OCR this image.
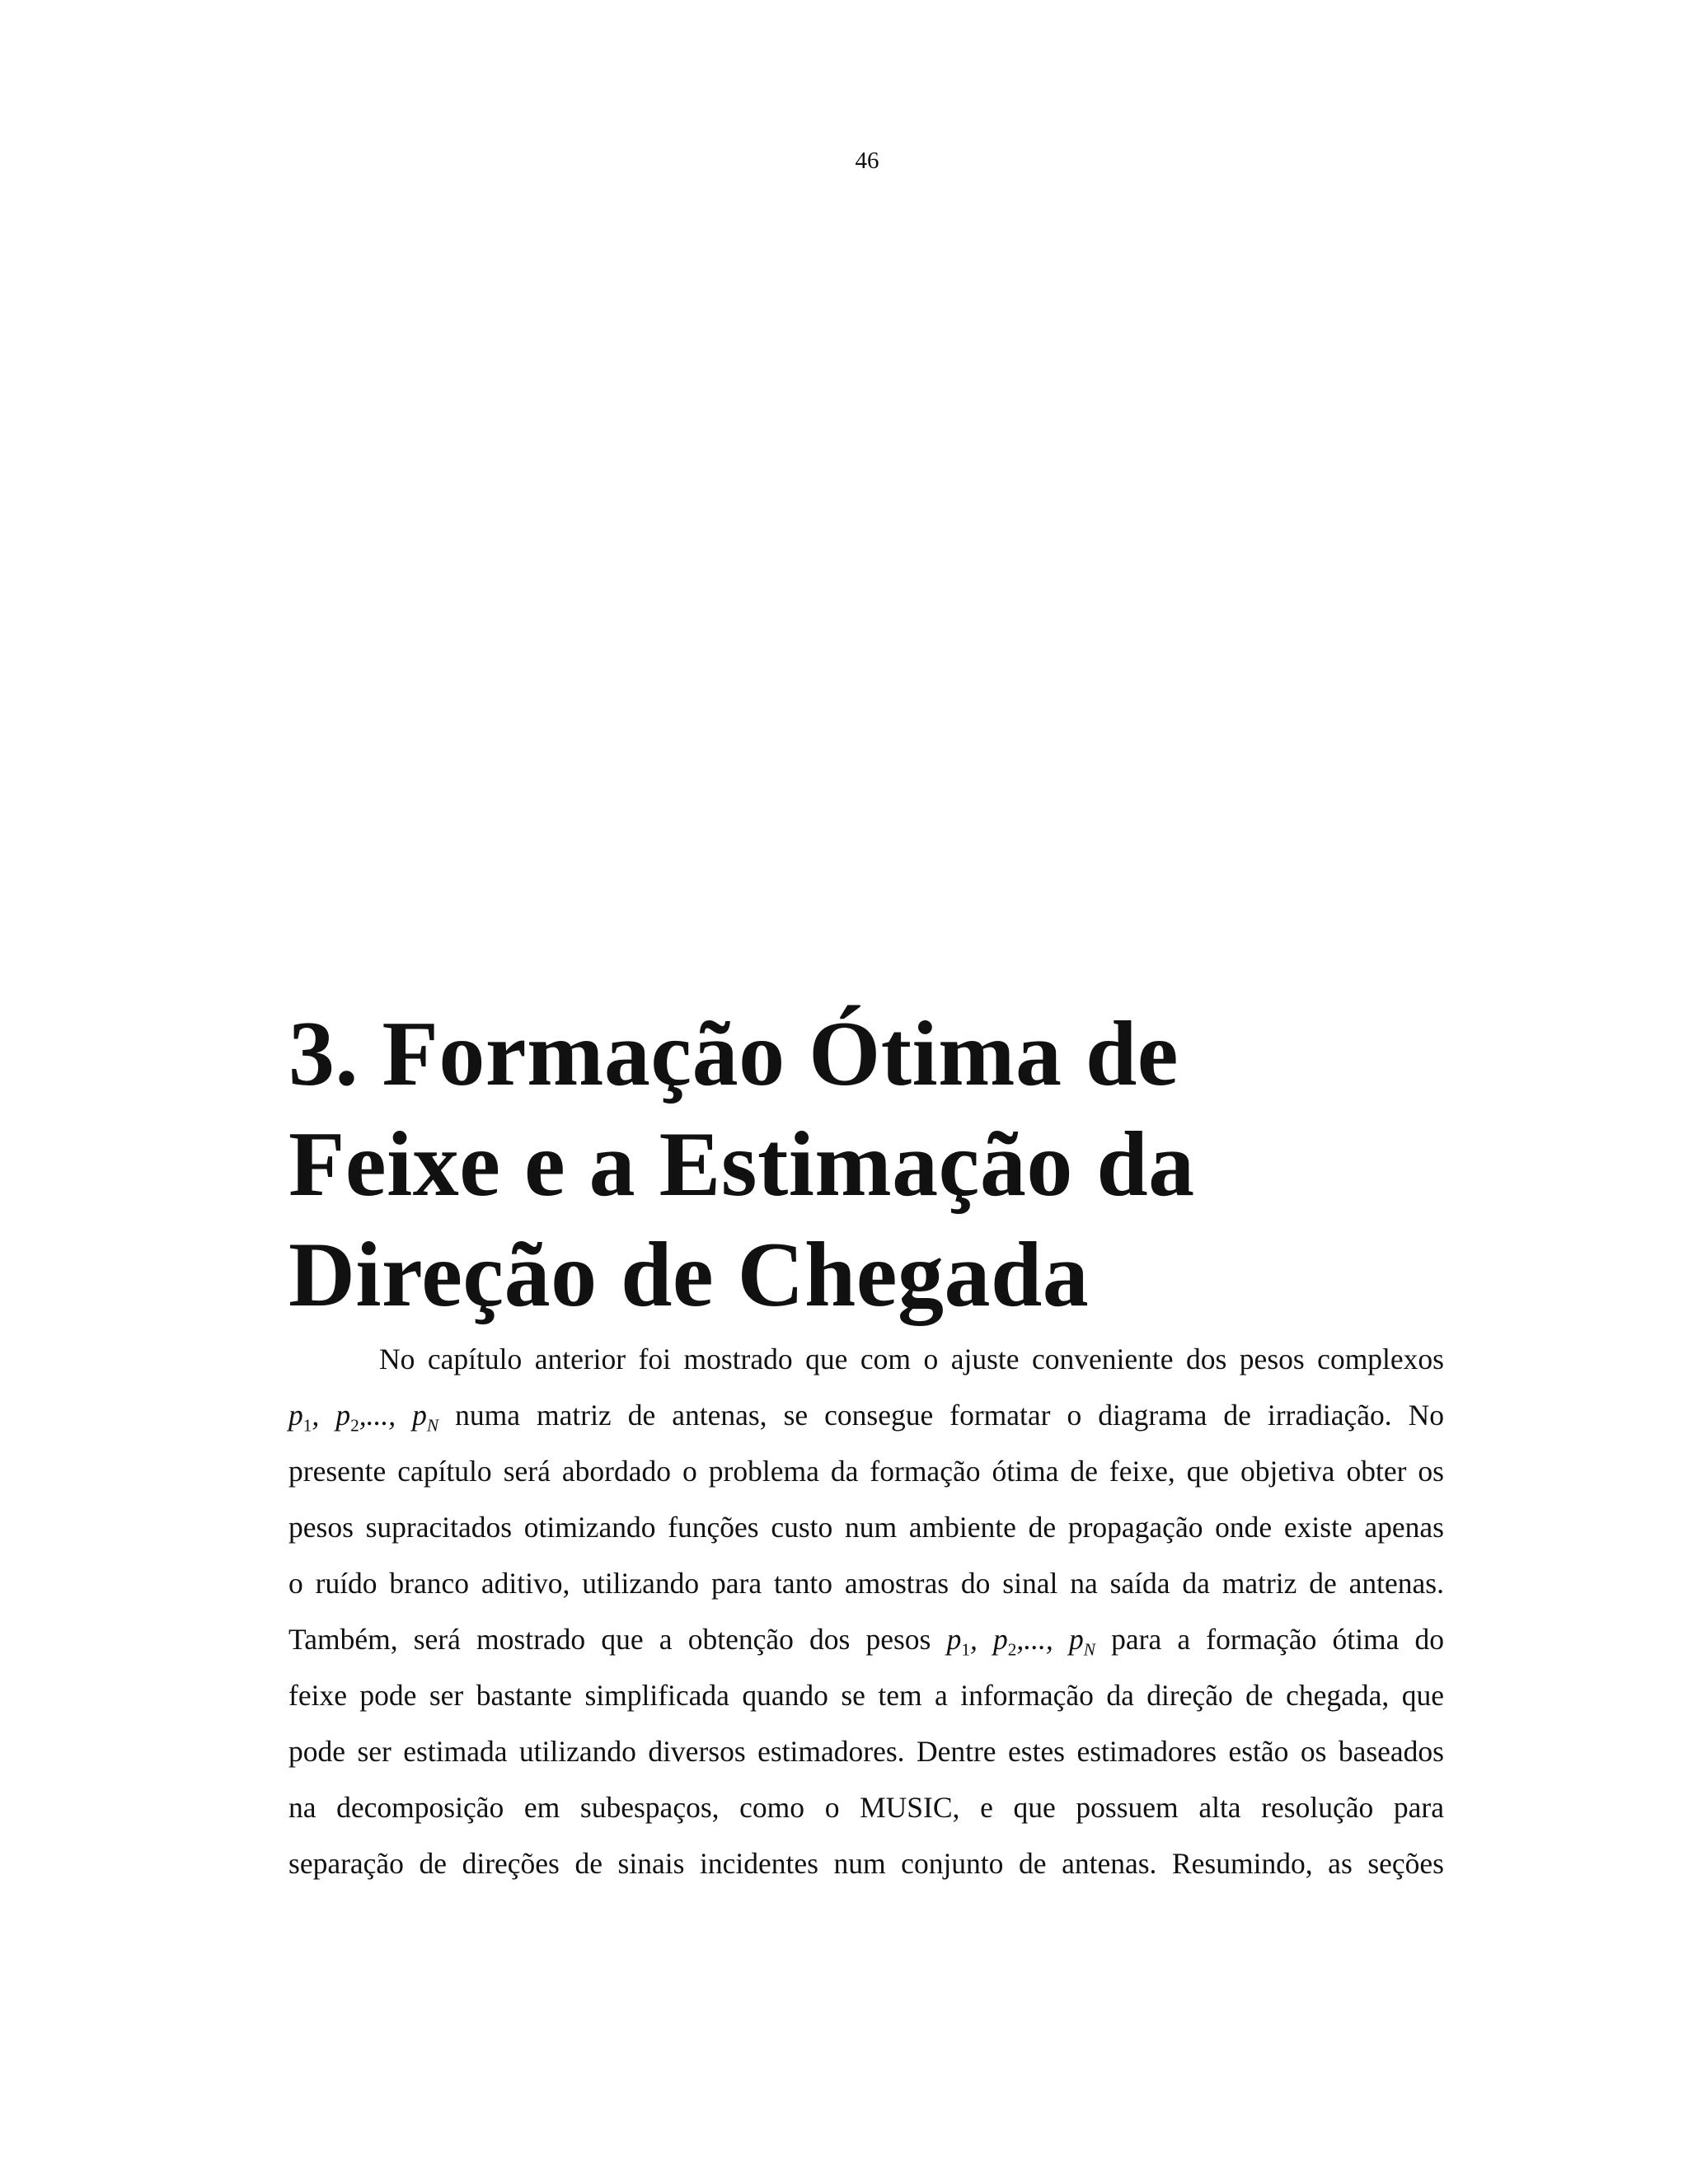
46
3. Formação Ótima de
Feixe e a Estimação da
Direção de Chegada
No capítulo anterior foi mostrado que com o ajuste conveniente dos pesos complexos
$p_1$, $p_2$,..., $p_N$ numa matriz de antenas, se consegue formatar o diagrama de irradiação. No
presente capítulo será abordado o problema da formação ótima de feixe, que objetiva obter os
pesos supracitados otimizando funções custo num ambiente de propagação onde existe apenas
o ruído branco aditivo, utilizando para tanto amostras do sinal na saída da matriz de antenas.
Também, será mostrado que a obtenção dos pesos $p_1$, $p_2$,..., $p_N$ para a formação ótima do
feixe pode ser bastante simplificada quando se tem a informação da direção de chegada, que
pode ser estimada utilizando diversos estimadores. Dentre estes estimadores estão os baseados
na decomposição em subespaços, como o MUSIC, e que possuem alta resolução para
separação de direções de sinais incidentes num conjunto de antenas. Resumindo, as seções
